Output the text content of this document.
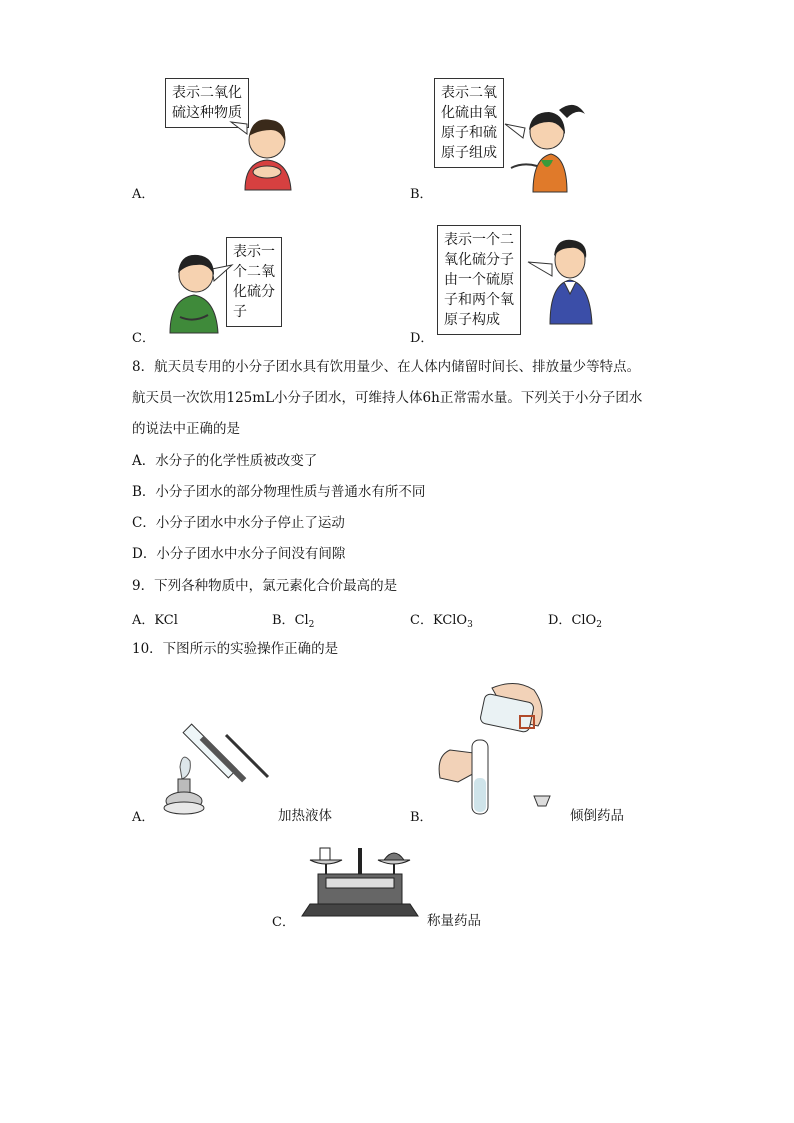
表示二氧化
硫这种物质
A．
表示二氧
化硫由氧
原子和硫
原子组成
B．
表示一
个二氧
化硫分
子
C．
表示一个二
氧化硫分子
由一个硫原
子和两个氧
原子构成
D．
8．航天员专用的小分子团水具有饮用量少、在人体内储留时间长、排放量少等特点。
航天员一次饮用125mL小分子团水，可维持人体6h正常需水量。下列关于小分子团水
的说法中正确的是
A．水分子的化学性质被改变了
B．小分子团水的部分物理性质与普通水有所不同
C．小分子团水中水分子停止了运动
D．小分子团水中水分子间没有间隙
9．下列各种物质中，氯元素化合价最高的是
A．KCl	B．$Cl_2$	C．KClO$_3$	D．ClO$_2$
10．下图所示的实验操作正确的是
A．	加热液体	B．	倾倒药品
C．	称量药品
